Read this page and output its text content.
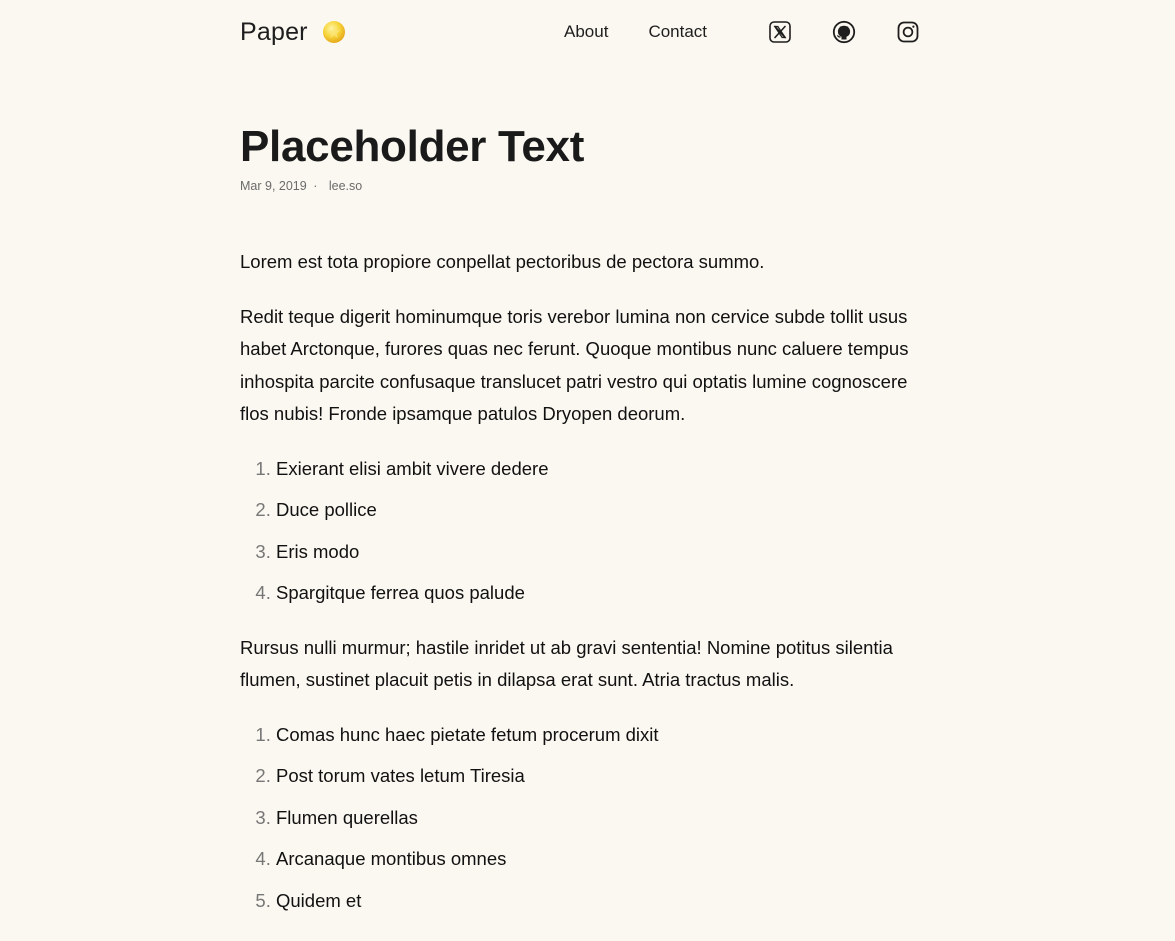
Paper	About Contact
Placeholder Text
Mar 9, 2019 · lee.so

Lorem est tota propiore conpellat pectoribus de pectora summo.

Redit teque digerit hominumque toris verebor lumina non cervice subde tollit usus habet Arctonque, furores quas nec ferunt. Quoque montibus nunc caluere tempus inhospita parcite confusaque translucet patri vestro qui optatis lumine cognoscere flos nubis! Fronde ipsamque patulos Dryopen deorum.

1. Exierant elisi ambit vivere dedere
2. Duce pollice
3. Eris modo
4. Spargitque ferrea quos palude

Rursus nulli murmur; hastile inridet ut ab gravi sententia! Nomine potitus silentia flumen, sustinet placuit petis in dilapsa erat sunt. Atria tractus malis.

1. Comas hunc haec pietate fetum procerum dixit
2. Post torum vates letum Tiresia
3. Flumen querellas
4. Arcanaque montibus omnes
5. Quidem et
